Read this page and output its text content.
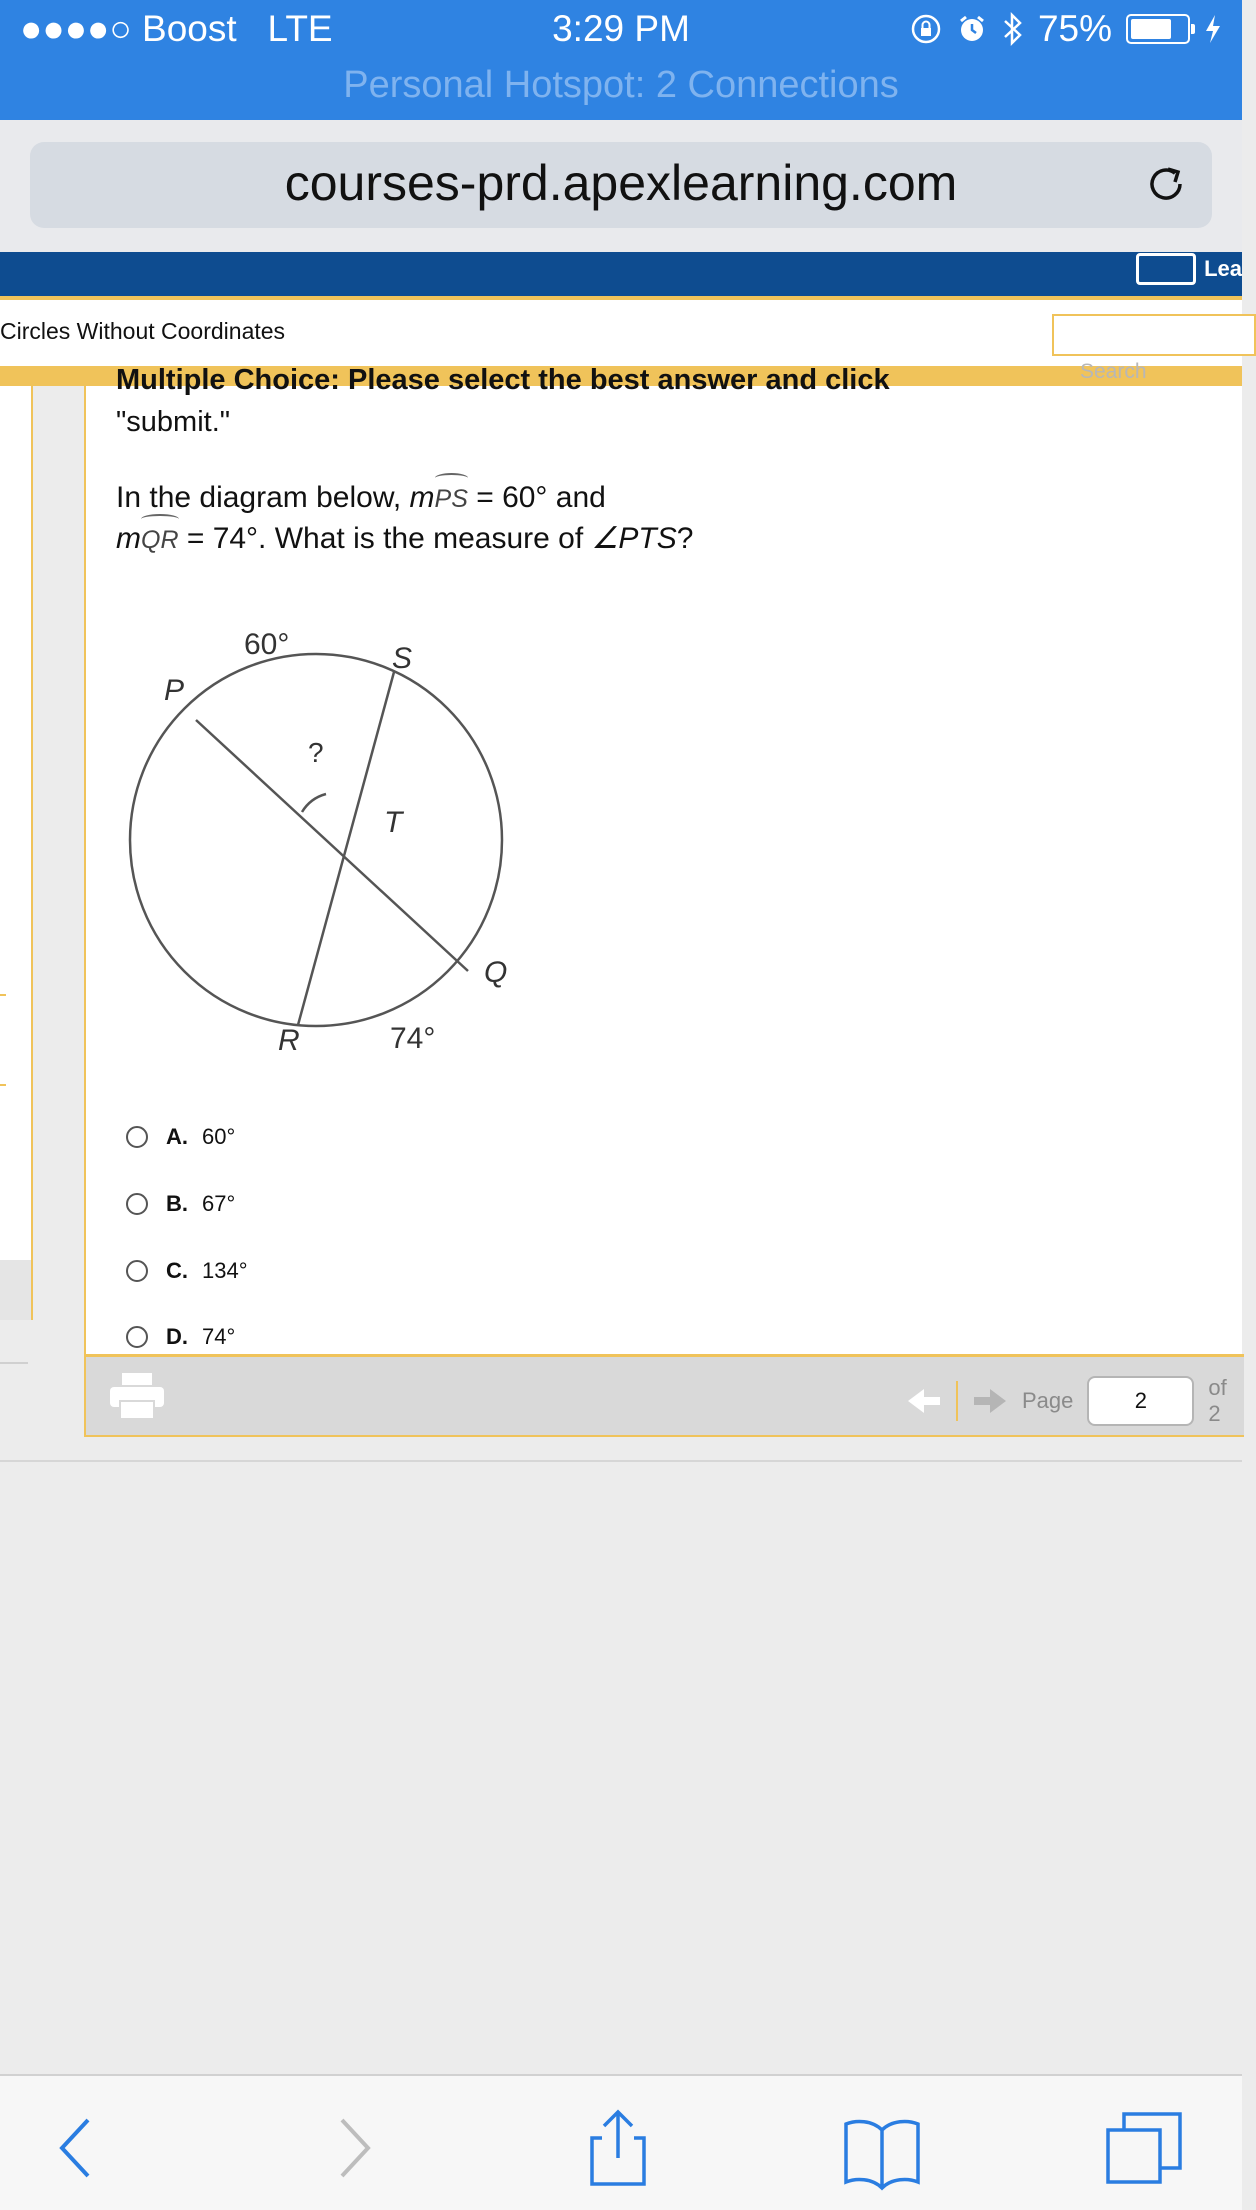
●●●●○ Boost LTE	3:29 PM	75%
Personal Hotspot: 2 Connections
courses-prd.apexlearning.com
Lea
Circles Without Coordinates
Search
Multiple Choice: Please select the best answer and click
"submit."
In the diagram below, m
PS = 60° and
m
QR = 74°. What is the measure of ∠PTS?
60°
P
S
?
T
Q
R	74°
A. 60°
B. 67°
C. 134°
D. 74°
Page	2
of 2
